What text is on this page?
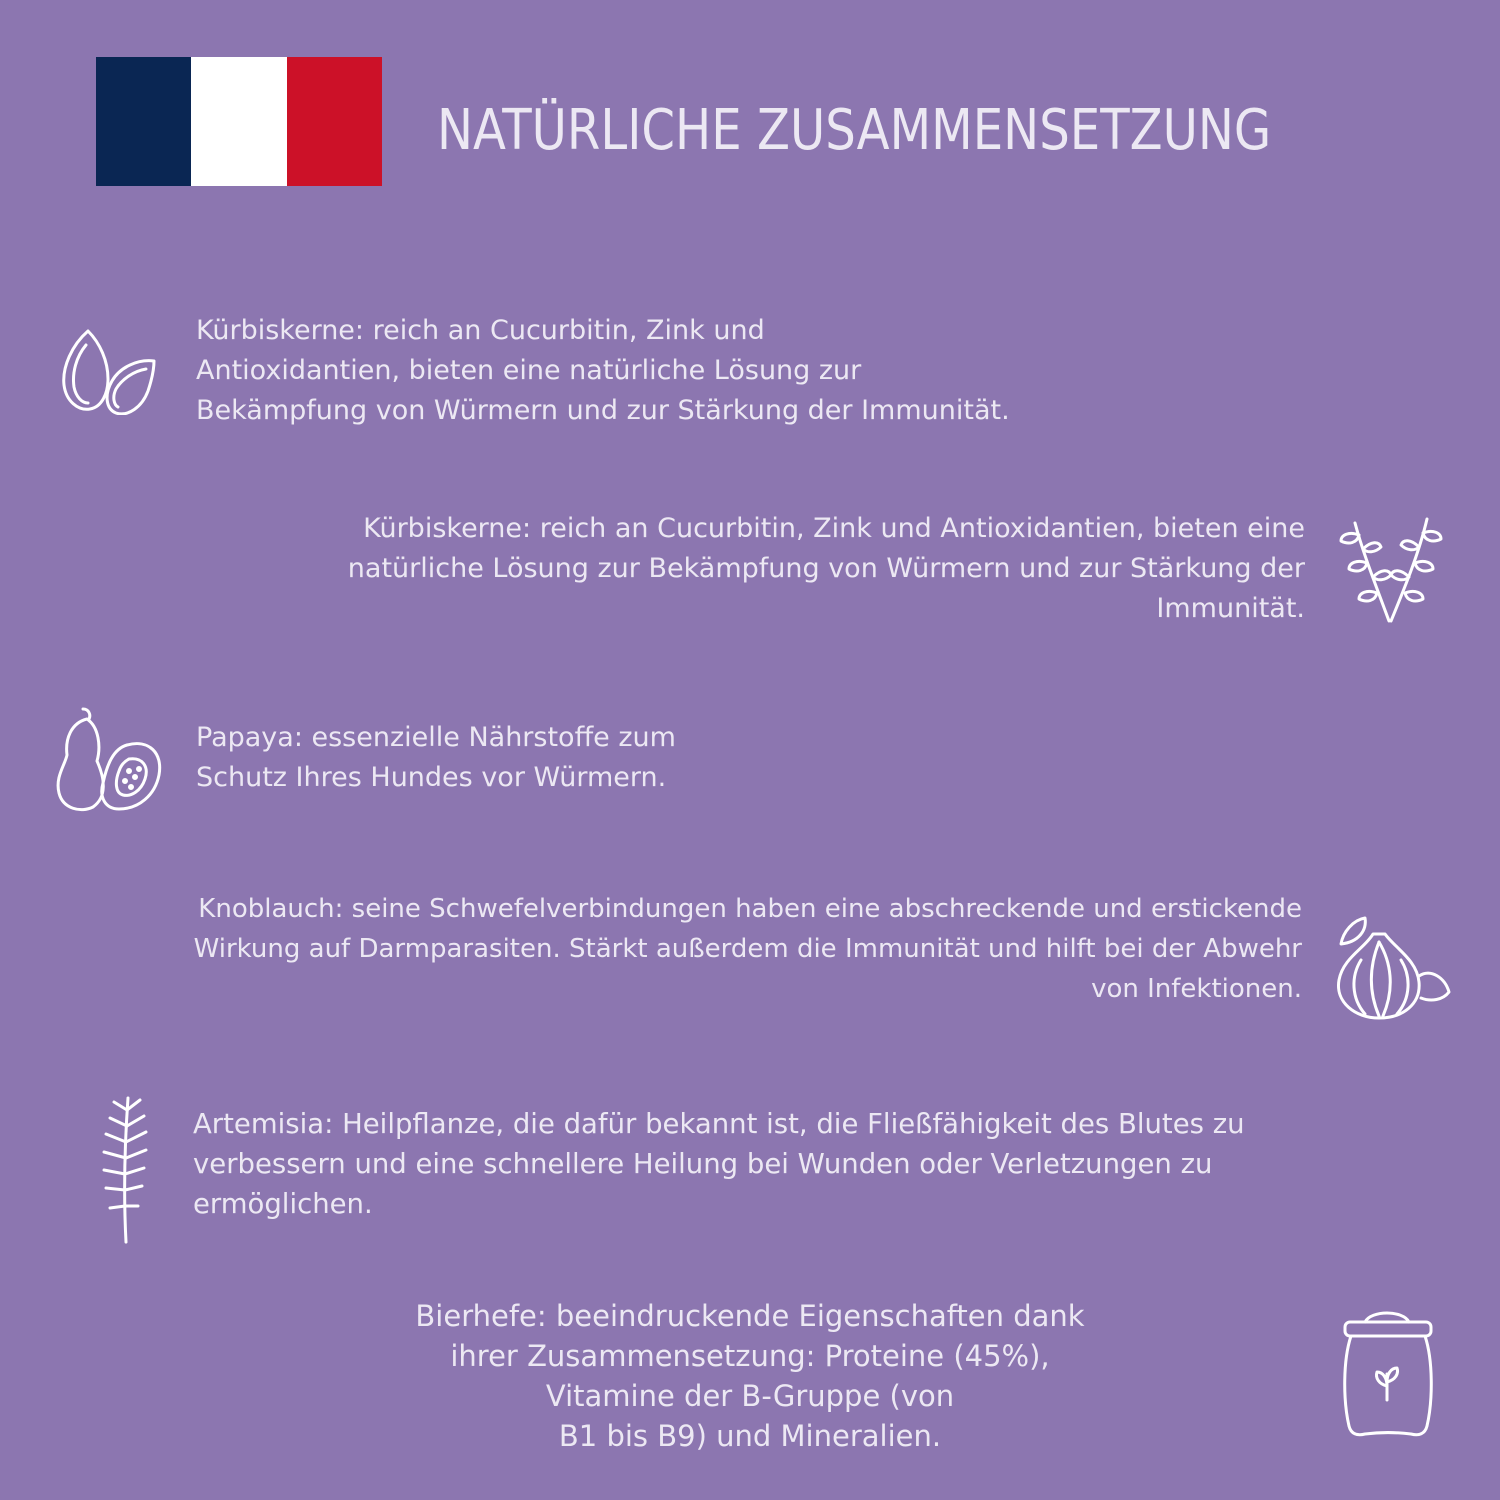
NATÜRLICHE ZUSAMMENSETZUNG
Kürbiskerne: reich an Cucurbitin, Zink und
Antioxidantien, bieten eine natürliche Lösung zur
Bekämpfung von Würmern und zur Stärkung der Immunität.
Kürbiskerne: reich an Cucurbitin, Zink und Antioxidantien, bieten eine
natürliche Lösung zur Bekämpfung von Würmern und zur Stärkung der
Immunität.
Papaya: essenzielle Nährstoffe zum
Schutz Ihres Hundes vor Würmern.
Knoblauch: seine Schwefelverbindungen haben eine abschreckende und erstickende
Wirkung auf Darmparasiten. Stärkt außerdem die Immunität und hilft bei der Abwehr
von Infektionen.
Artemisia: Heilpflanze, die dafür bekannt ist, die Fließfähigkeit des Blutes zu
verbessern und eine schnellere Heilung bei Wunden oder Verletzungen zu
ermöglichen.
Bierhefe: beeindruckende Eigenschaften dank
ihrer Zusammensetzung: Proteine (45%),
Vitamine der B-Gruppe (von
B1 bis B9) und Mineralien.
